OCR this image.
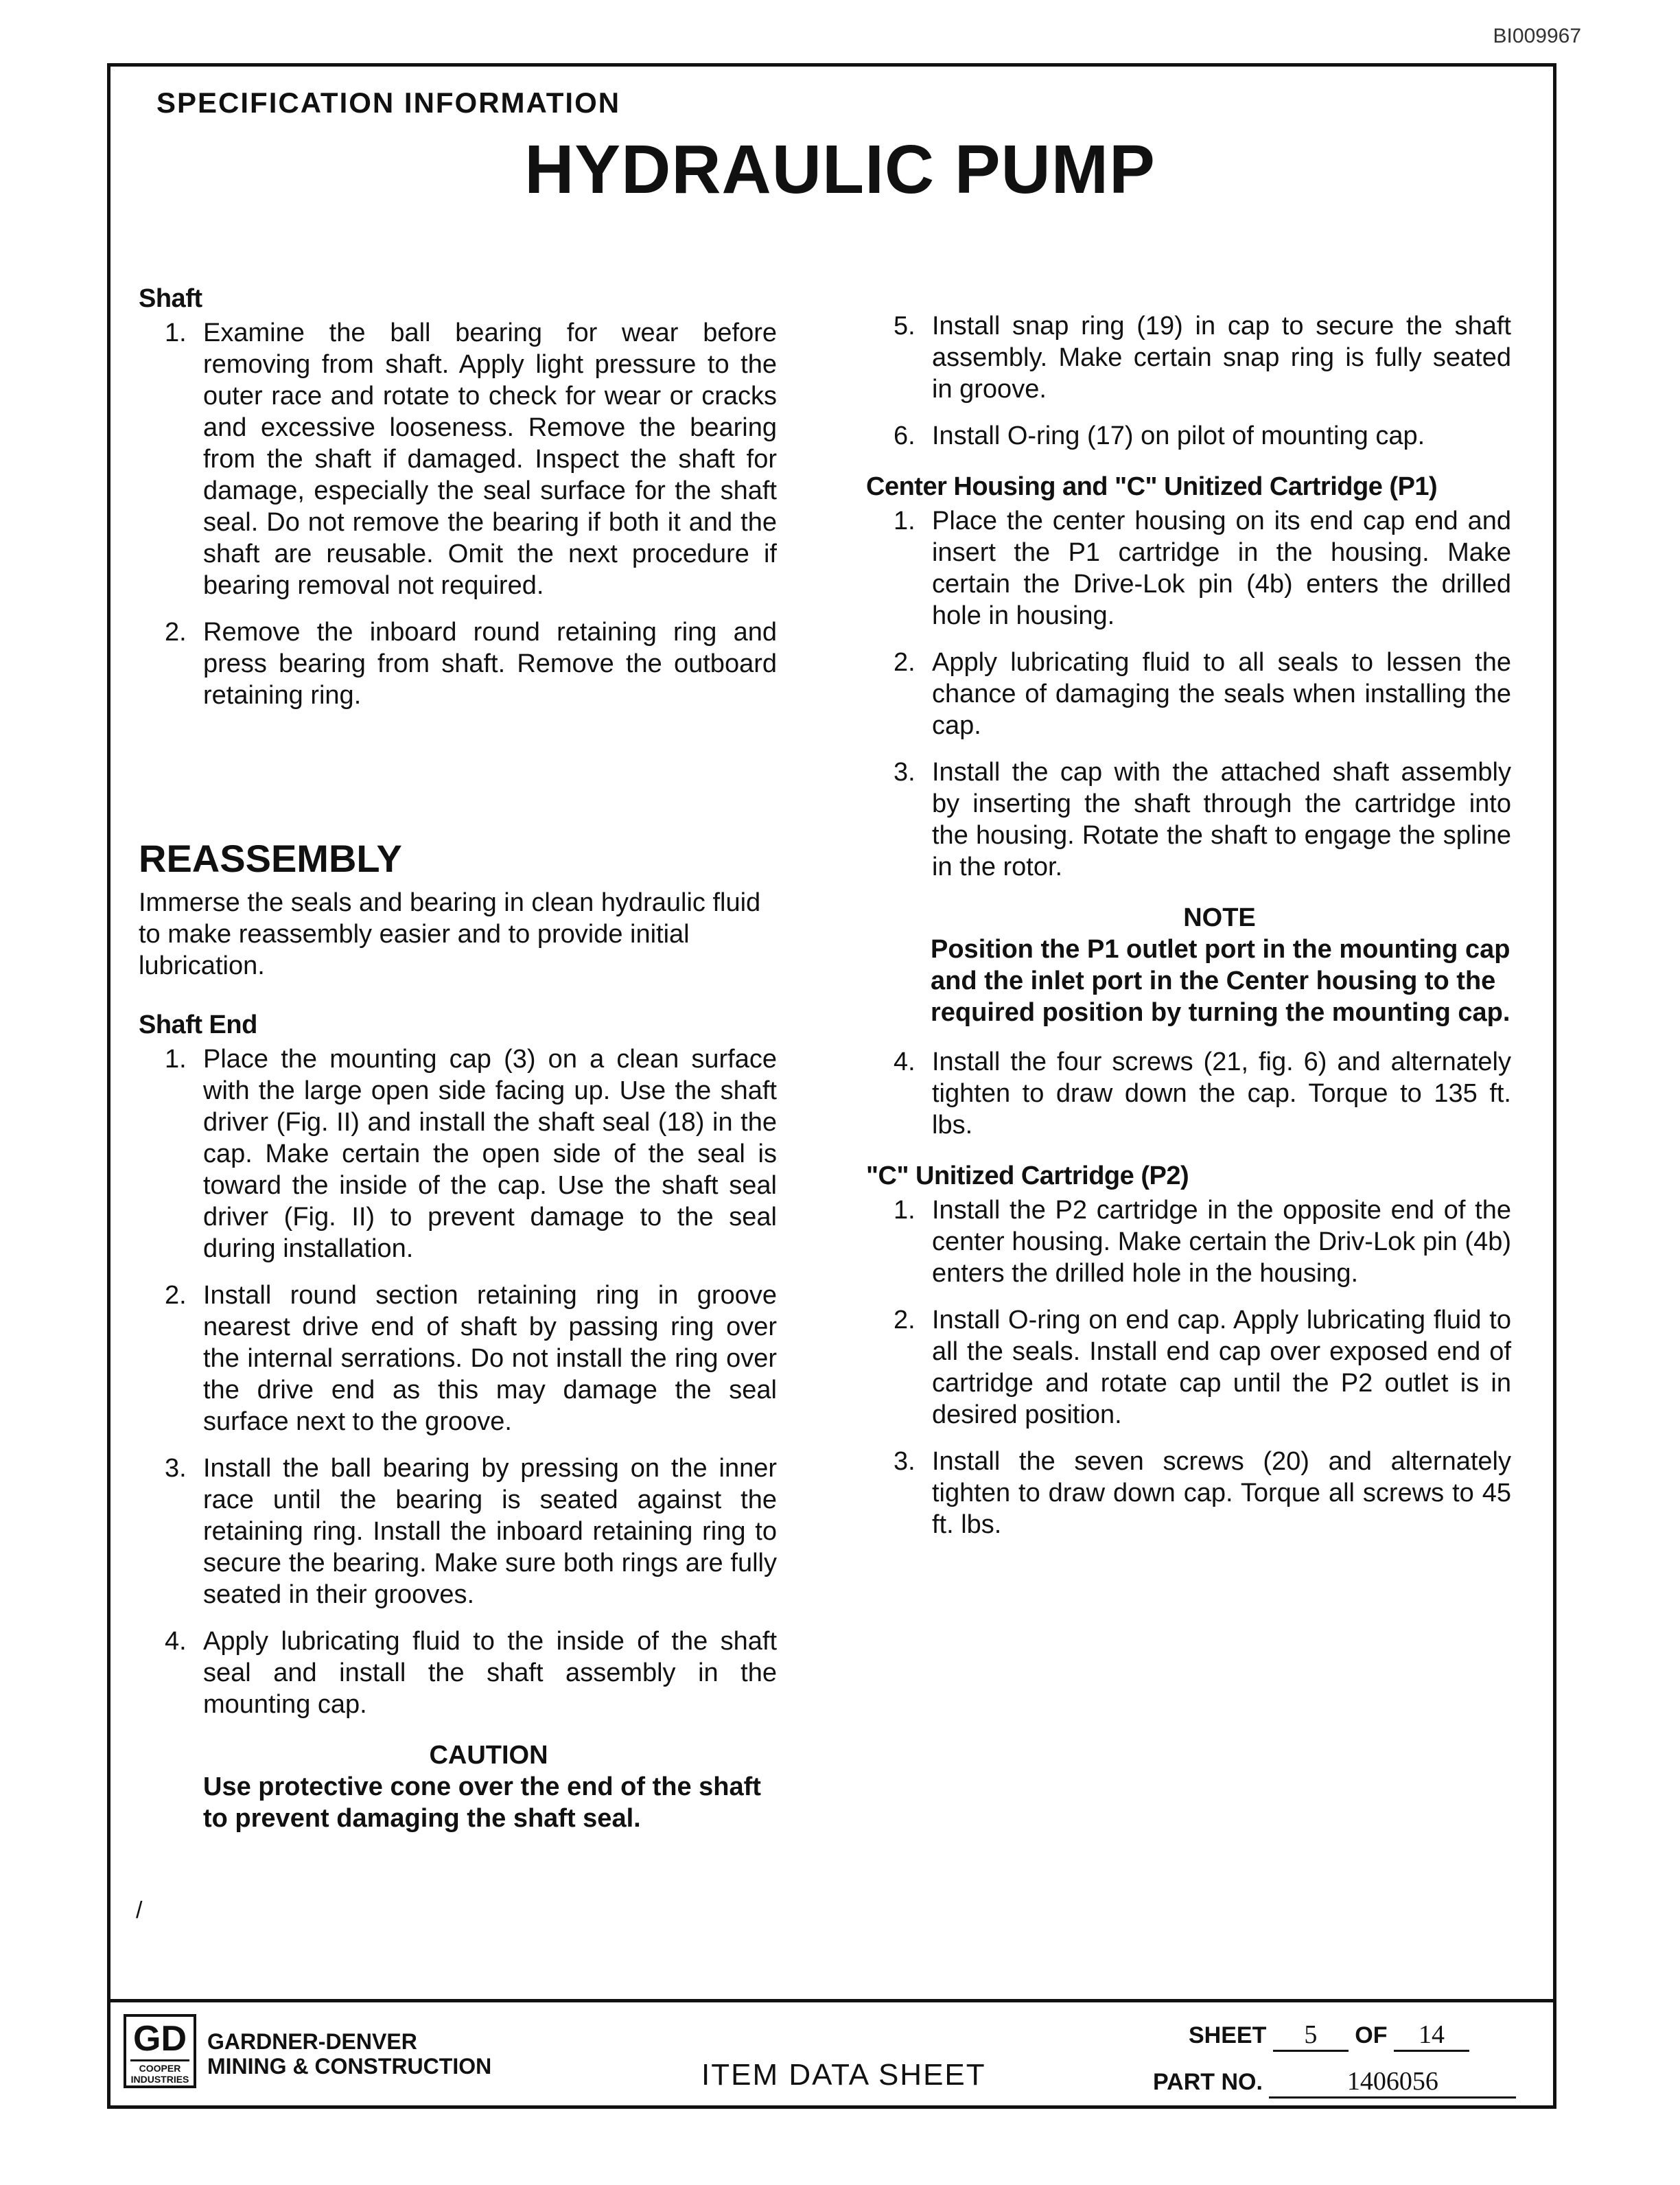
BI009967
SPECIFICATION INFORMATION
HYDRAULIC PUMP
Shaft
1. Examine the ball bearing for wear before removing from shaft. Apply light pressure to the outer race and rotate to check for wear or cracks and excessive looseness. Remove the bearing from the shaft if damaged. Inspect the shaft for damage, especially the seal surface for the shaft seal. Do not remove the bearing if both it and the shaft are reusable. Omit the next procedure if bearing removal not required.
2. Remove the inboard round retaining ring and press bearing from shaft. Remove the outboard retaining ring.
REASSEMBLY

Immerse the seals and bearing in clean hydraulic fluid to make reassembly easier and to provide initial lubrication.

Shaft End
1. Place the mounting cap (3) on a clean surface with the large open side facing up. Use the shaft driver (Fig. II) and install the shaft seal (18) in the cap. Make certain the open side of the seal is toward the inside of the cap. Use the shaft seal driver (Fig. II) to prevent damage to the seal during installation.
2. Install round section retaining ring in groove nearest drive end of shaft by passing ring over the internal serrations. Do not install the ring over the drive end as this may damage the seal surface next to the groove.
3. Install the ball bearing by pressing on the inner race until the bearing is seated against the retaining ring. Install the inboard retaining ring to secure the bearing. Make sure both rings are fully seated in their grooves.
4. Apply lubricating fluid to the inside of the shaft seal and install the shaft assembly in the mounting cap.
CAUTION
Use protective cone over the end of the shaft to prevent damaging the shaft seal.
5. Install snap ring (19) in cap to secure the shaft assembly. Make certain snap ring is fully seated in groove.
6. Install O-ring (17) on pilot of mounting cap.
Center Housing and "C" Unitized Cartridge (P1)
1. Place the center housing on its end cap end and insert the P1 cartridge in the housing. Make certain the Drive-Lok pin (4b) enters the drilled hole in housing.
2. Apply lubricating fluid to all seals to lessen the chance of damaging the seals when installing the cap.
3. Install the cap with the attached shaft assembly by inserting the shaft through the cartridge into the housing. Rotate the shaft to engage the spline in the rotor.
NOTE
Position the P1 outlet port in the mounting cap and the inlet port in the Center housing to the required position by turning the mounting cap.
4. Install the four screws (21, fig. 6) and alternately tighten to draw down the cap. Torque to 135 ft. lbs.
"C" Unitized Cartridge (P2)
1. Install the P2 cartridge in the opposite end of the center housing. Make certain the Driv-Lok pin (4b) enters the drilled hole in the housing.
2. Install O-ring on end cap. Apply lubricating fluid to all the seals. Install end cap over exposed end of cartridge and rotate cap until the P2 outlet is in desired position.
3. Install the seven screws (20) and alternately tighten to draw down cap. Torque all screws to 45 ft. lbs.
/
GD
COOPER INDUSTRIES
GARDNER-DENVER
MINING & CONSTRUCTION	ITEM DATA SHEET
SHEET 5 OF 14
PART NO.	1406056
